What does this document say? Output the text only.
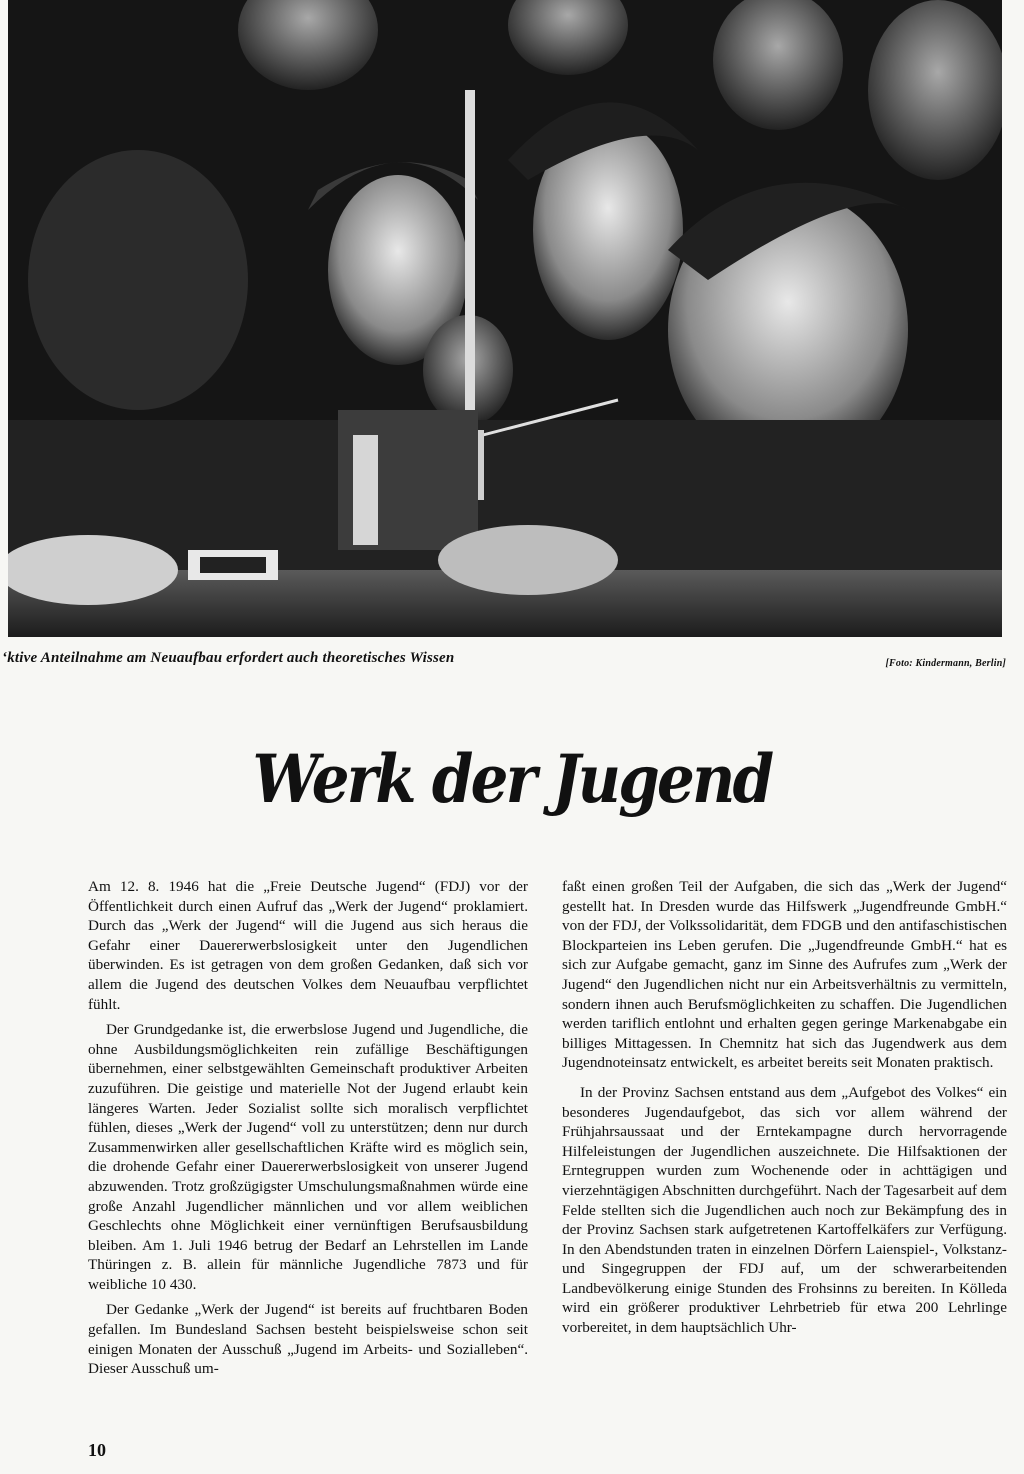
‘ktive Anteilnahme am Neuaufbau erfordert auch theoretisches Wissen	[Foto: Kindermann, Berlin]
Werk der Jugend

Am 12. 8. 1946 hat die „Freie Deutsche Jugend“ (FDJ) vor der Öffentlichkeit durch einen Aufruf das „Werk der Jugend“ proklamiert. Durch das „Werk der Jugend“ will die Jugend aus sich heraus die Gefahr einer Dauererwerbslosigkeit unter den Jugendlichen überwinden. Es ist getragen von dem großen Gedanken, daß sich vor allem die Jugend des deutschen Volkes dem Neuaufbau verpflichtet fühlt.

Der Grundgedanke ist, die erwerbslose Jugend und Jugendliche, die ohne Ausbildungsmöglichkeiten rein zufällige Beschäftigungen übernehmen, einer selbstgewählten Gemeinschaft produktiver Arbeiten zuzuführen. Die geistige und materielle Not der Jugend erlaubt kein längeres Warten. Jeder Sozialist sollte sich moralisch verpflichtet fühlen, dieses „Werk der Jugend“ voll zu unterstützen; denn nur durch Zusammenwirken aller gesellschaftlichen Kräfte wird es möglich sein, die drohende Gefahr einer Dauererwerbslosigkeit von unserer Jugend abzuwenden. Trotz großzügigster Umschulungsmaßnahmen würde eine große Anzahl Jugendlicher männlichen und vor allem weiblichen Geschlechts ohne Möglichkeit einer vernünftigen Berufsausbildung bleiben. Am 1. Juli 1946 betrug der Bedarf an Lehrstellen im Lande Thüringen z. B. allein für männliche Jugendliche 7873 und für weibliche 10 430.

Der Gedanke „Werk der Jugend“ ist bereits auf fruchtbaren Boden gefallen. Im Bundesland Sachsen besteht beispielsweise schon seit einigen Monaten der Ausschuß „Jugend im Arbeits- und Sozialleben“. Dieser Ausschuß um-

faßt einen großen Teil der Aufgaben, die sich das „Werk der Jugend“ gestellt hat. In Dresden wurde das Hilfswerk „Jugendfreunde GmbH.“ von der FDJ, der Volkssolidarität, dem FDGB und den antifaschistischen Blockparteien ins Leben gerufen. Die „Jugendfreunde GmbH.“ hat es sich zur Aufgabe gemacht, ganz im Sinne des Aufrufes zum „Werk der Jugend“ den Jugendlichen nicht nur ein Arbeitsverhältnis zu vermitteln, sondern ihnen auch Berufsmöglichkeiten zu schaffen. Die Jugendlichen werden tariflich entlohnt und erhalten gegen geringe Markenabgabe ein billiges Mittagessen. In Chemnitz hat sich das Jugendwerk aus dem Jugendnoteinsatz entwickelt, es arbeitet bereits seit Monaten praktisch.

In der Provinz Sachsen entstand aus dem „Aufgebot des Volkes“ ein besonderes Jugendaufgebot, das sich vor allem während der Frühjahrsaussaat und der Erntekampagne durch hervorragende Hilfeleistungen der Jugendlichen auszeichnete. Die Hilfsaktionen der Erntegruppen wurden zum Wochenende oder in achttägigen und vierzehntägigen Abschnitten durchgeführt. Nach der Tagesarbeit auf dem Felde stellten sich die Jugendlichen auch noch zur Bekämpfung des in der Provinz Sachsen stark aufgetretenen Kartoffelkäfers zur Verfügung. In den Abendstunden traten in einzelnen Dörfern Laienspiel-, Volkstanz- und Singegruppen der FDJ auf, um der schwerarbeitenden Landbevölkerung einige Stunden des Frohsinns zu bereiten. In Kölleda wird ein größerer produktiver Lehrbetrieb für etwa 200 Lehrlinge vorbereitet, in dem hauptsächlich Uhr-

10
